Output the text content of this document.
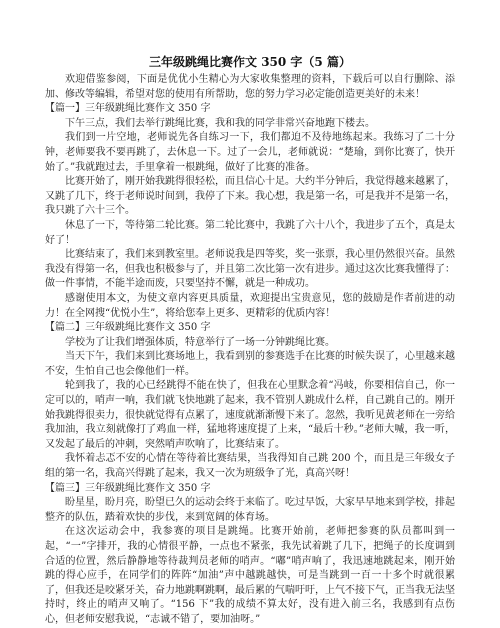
三年级跳绳比赛作文 350 字（5 篇）

欢迎借鉴参阅，下面是优优小生精心为大家收集整理的资料，下载后可以自行删除、添加、修改等编辑，希望对您的使用有所帮助，您的努力学习必定能创造更美好的未来！

【篇一】三年级跳绳比赛作文 350 字

下午三点，我们去举行跳绳比赛，我和我的同学非常兴奋地跑下楼去。

我们到一片空地，老师说先各自练习一下，我们都迫不及待地练起来。我练习了二十分钟，老师要我不要再跳了，去休息一下。过了一会儿，老师就说：“楚瑜，到你比赛了，快开始了。”我就跑过去，手里拿着一根跳绳，做好了比赛的准备。

比赛开始了，刚开始我跳得很轻松，而且信心十足。大约半分钟后，我觉得越来越累了，又跳了几下，终于老师说时间到，我停了下来。我心想，我是第一名，可是我并不是第一名，我只跳了六十三个。

休息了一下，等待第二轮比赛。第二轮比赛中，我跳了六十八个，我进步了五个，真是太好了！

比赛结束了，我们来到教室里。老师说我是四等奖，奖一张票，我心里仍然很兴奋。虽然我没有得第一名，但我也积极参与了，并且第二次比第一次有进步。通过这次比赛我懂得了：做一件事情，不能半途而废，只要坚持不懈，就是一种成功。

感谢使用本文，为使文章内容更具质量，欢迎提出宝贵意见，您的鼓励是作者前进的动力！在全网搜“优悦小生”，将给您奉上更多、更精彩的优质内容！

【篇二】三年级跳绳比赛作文 350 字

学校为了让我们增强体质，特意举行了一场一分钟跳绳比赛。

当天下午，我们来到比赛场地上，我看到别的参赛选手在比赛的时候失误了，心里越来越不安，生怕自己也会像他们一样。

轮到我了，我的心已经跳得不能在快了，但我在心里默念着“冯岐，你要相信自己，你一定可以的，哨声一响，我们就飞快地跳了起来，我不管别人跳成什么样，自己跳自己的。刚开始我跳得很卖力，很快就觉得有点累了，速度就渐渐慢下来了。忽然，我听见黄老师在一旁给我加油，我立刻就像打了鸡血一样，猛地将速度提了上来，“最后十秒。”老师大喊，我一听，又发起了最后的冲刺，突然哨声吹响了，比赛结束了。

我怀着忐忑不安的心情在等待着比赛结果，当我得知自己跳 200 个，而且是三年级女子组的第一名，我高兴得跳了起来，我又一次为班级争了光，真高兴呀！

【篇三】三年级跳绳比赛作文 350 字

盼星星，盼月亮，盼望已久的运动会终于来临了。吃过早饭，大家早早地来到学校，排起整齐的队伍，踏着欢快的步伐，来到宽阔的体育场。

在这次运动会中，我参赛的项目是跳绳。比赛开始前，老师把参赛的队员都叫到一起，“一”字排开，我的心情很平静，一点也不紧张，我先试着跳了几下，把绳子的长度调到合适的位置，然后静静地等待裁判员老师的哨声。“嘟”哨声响了，我迅速地跳起来，刚开始跳的得心应手，在同学们的阵阵“加油”声中越跳越快，可是当跳到一百一十多个时就很累了，但我还是咬紧牙关，奋力地跳啊跳啊，最后累的气喘吁吁，上气不接下气，正当我无法坚持时，终止的哨声又响了。“156 下”我的成绩不算太好，没有进入前三名，我感到有点伤心，但老师安慰我说，“志诚不错了，要加油呀。”
